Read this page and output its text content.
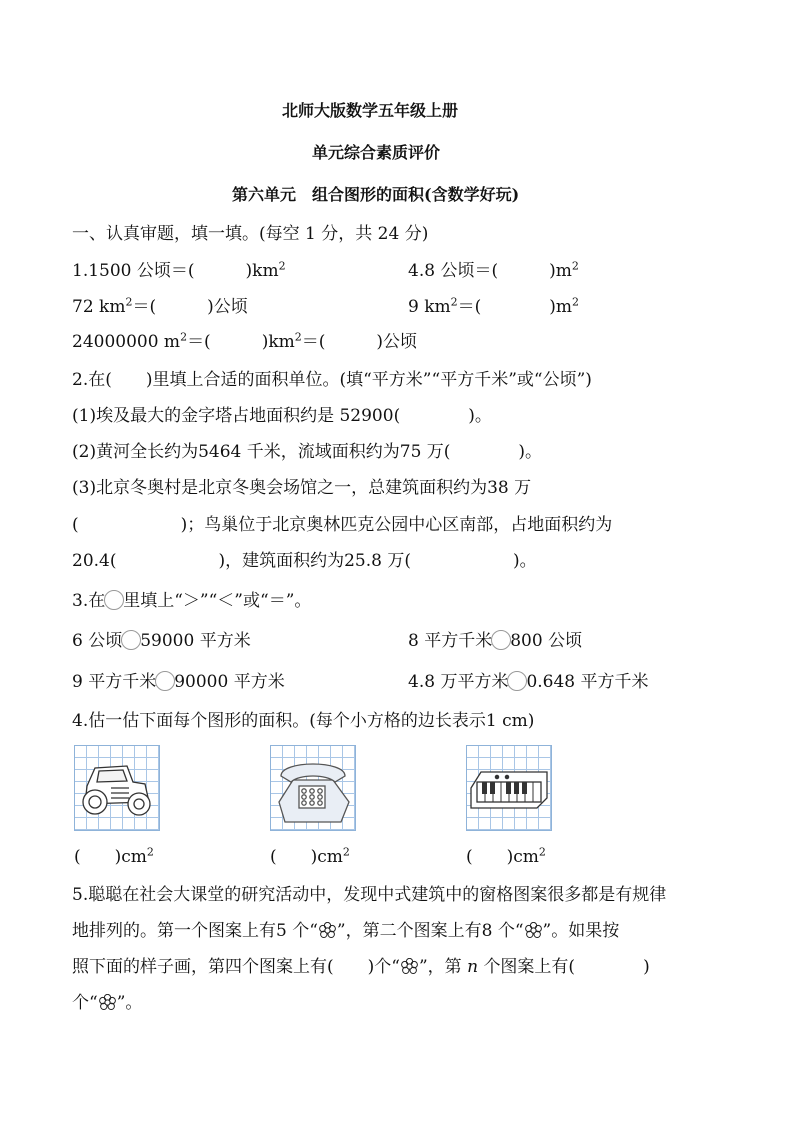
北师大版数学五年级上册
单元综合素质评价
第六单元　组合图形的面积(含数学好玩)
一、认真审题，填一填。(每空 1 分，共 24 分)
1.1500 公顷＝(　　　)$km^2$	4.8 公顷＝(　　　)$m^2$
72 $km^2=$(　　　)公顷	9 $km^2=$(　　　　)$m^2$
24000000 $m^2=$(　　　)$km^2=$(　　　)公顷
2.在(　　)里填上合适的面积单位。(填“平方米”“平方千米”或“公顷”)
(1)埃及最大的金字塔占地面积约是 52900(　　　　)。
(2)黄河全长约为5464 千米，流域面积约为75 万(　　　　)。
(3)北京冬奥村是北京冬奥会场馆之一，总建筑面积约为38 万
(　　　　　　)；鸟巢位于北京奥林匹克公园中心区南部，占地面积约为
20.4(　　　　　　)，建筑面积约为25.8 万(　　　　　　)。
3.在 里填上“＞”“＜”或“＝”。
6 公顷 59000 平方米	8 平方千米 800 公顷
9 平方千米 90000 平方米	4.8 万平方米 0.648 平方千米
4.估一估下面每个图形的面积。(每个小方格的边长表示1 cm)
(　　)$cm^2$	(　　)$cm^2$	(　　)$cm^2$
5.聪聪在社会大课堂的研究活动中，发现中式建筑中的窗格图案很多都是有规律
地排列的。第一个图案上有5 个“ ”，第二个图案上有8 个“ ”。如果按
照下面的样子画，第四个图案上有(　　)个“ ”，第 n 个图案上有(　　　　)
个“ ”。
